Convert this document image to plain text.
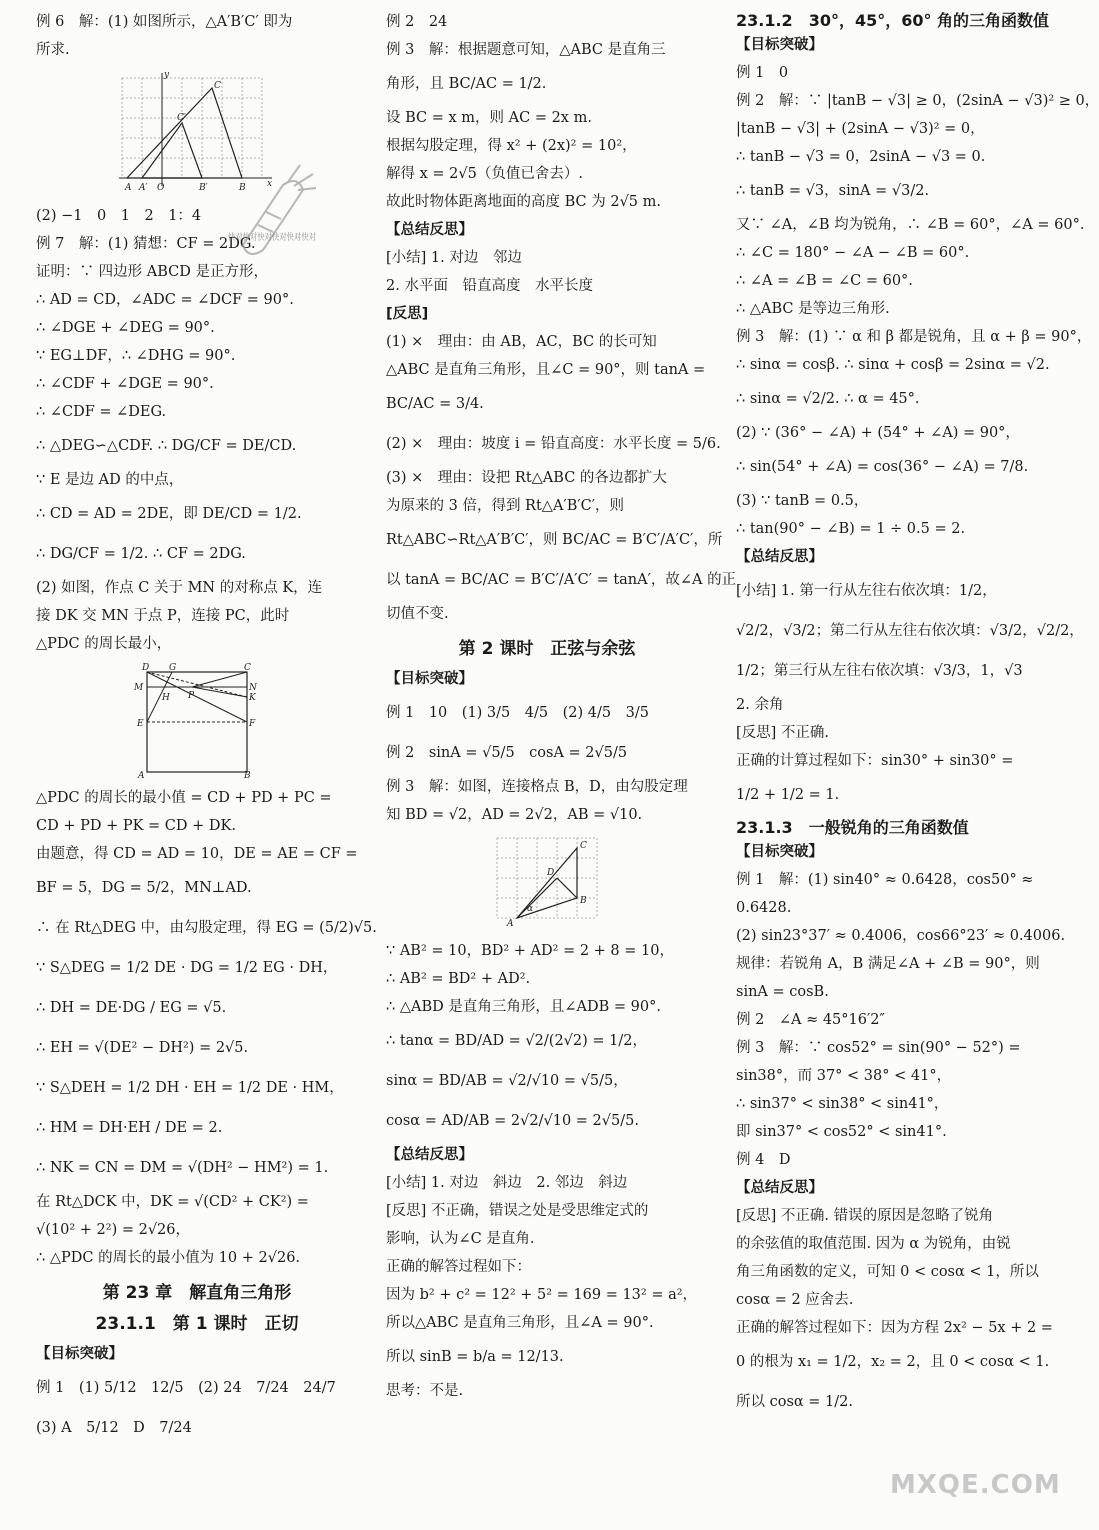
例 6　解：(1) 如图所示，△A′B′C′ 即为

所求.

y
C
C′
A A′ O	B′	B x

(2) −1　0　1　2　1：4

例 7　解：(1) 猜想：CF = 2DG.

证明：∵ 四边形 ABCD 是正方形，

∴ AD = CD，∠ADC = ∠DCF = 90°.

∴ ∠DGE + ∠DEG = 90°.

∵ EG⊥DF，∴ ∠DHG = 90°.

∴ ∠CDF + ∠DGE = 90°.

∴ ∠CDF = ∠DEG.

∴ △DEG∽△CDF. ∴ DG/CF = DE/CD.

∵ E 是边 AD 的中点，

∴ CD = AD = 2DE，即 DE/CD = 1/2.

∴ DG/CF = 1/2. ∴ CF = 2DG.

(2) 如图，作点 C 关于 MN 的对称点 K，连

接 DK 交 MN 于点 P，连接 PC，此时

△PDC 的周长最小，

D G	C
M
H P
N
K
E	F
A	B

△PDC 的周长的最小值 = CD + PD + PC =

CD + PD + PK = CD + DK.

由题意，得 CD = AD = 10，DE = AE = CF =

BF = 5，DG = 5/2，MN⊥AD.

∴ 在 Rt△DEG 中，由勾股定理，得 EG = (5/2)√5.

∵ S△DEG = 1/2 DE · DG = 1/2 EG · DH，

∴ DH = DE·DG / EG = √5.

∴ EH = √(DE² − DH²) = 2√5.

∵ S△DEH = 1/2 DH · EH = 1/2 DE · HM，

∴ HM = DH·EH / DE = 2.

∴ NK = CN = DM = √(DH² − HM²) = 1.

在 Rt△DCK 中，DK = √(CD² + CK²) =

√(10² + 2²) = 2√26，

∴ △PDC 的周长的最小值为 10 + 2√26.

第 23 章　解直角三角形

23.1.1　第 1 课时　正切

【目标突破】

例 1　(1) 5/12　12/5　(2) 24　7/24　24/7

(3) A　5/12　D　7/24

例 2　24

例 3　解：根据题意可知，△ABC 是直角三

角形，且 BC/AC = 1/2.

设 BC = x m，则 AC = 2x m.

根据勾股定理，得 x² + (2x)² = 10²，

解得 x = 2√5（负值已舍去）.

故此时物体距离地面的高度 BC 为 2√5 m.

【总结反思】

[小结] 1. 对边　邻边

2. 水平面　铅直高度　水平长度

[反思]

(1) ×　理由：由 AB，AC，BC 的长可知

△ABC 是直角三角形，且∠C = 90°，则 tanA =

BC/AC = 3/4.

(2) ×　理由：坡度 i = 铅直高度：水平长度 = 5/6.

(3) ×　理由：设把 Rt△ABC 的各边都扩大

为原来的 3 倍，得到 Rt△A′B′C′，则

Rt△ABC∽Rt△A′B′C′，则 BC/AC = B′C′/A′C′，所

以 tanA = BC/AC = B′C′/A′C′ = tanA′，故∠A 的正

切值不变.

第 2 课时　正弦与余弦

【目标突破】

例 1　10　(1) 3/5　4/5　(2) 4/5　3/5

例 2　sinA = √5/5　cosA = 2√5/5

例 3　解：如图，连接格点 B，D，由勾股定理

知 BD = √2，AD = 2√2，AB = √10.

C
D
B
A
α

∵ AB² = 10，BD² + AD² = 2 + 8 = 10，

∴ AB² = BD² + AD².

∴ △ABD 是直角三角形，且∠ADB = 90°.

∴ tanα = BD/AD = √2/(2√2) = 1/2，

sinα = BD/AB = √2/√10 = √5/5，

cosα = AD/AB = 2√2/√10 = 2√5/5.

【总结反思】

[小结] 1. 对边　斜边　2. 邻边　斜边

[反思] 不正确，错误之处是受思维定式的

影响，认为∠C 是直角.

正确的解答过程如下：

因为 b² + c² = 12² + 5² = 169 = 13² = a²，

所以△ABC 是直角三角形，且∠A = 90°.

所以 sinB = b/a = 12/13.

思考：不是.

23.1.2　30°，45°，60° 角的三角函数值

【目标突破】

例 1　0

例 2　解：∵ |tanB − √3| ≥ 0，(2sinA − √3)² ≥ 0，

|tanB − √3| + (2sinA − √3)² = 0，

∴ tanB − √3 = 0，2sinA − √3 = 0.

∴ tanB = √3，sinA = √3/2.

又∵ ∠A，∠B 均为锐角，∴ ∠B = 60°，∠A = 60°.

∴ ∠C = 180° − ∠A − ∠B = 60°.

∴ ∠A = ∠B = ∠C = 60°.

∴ △ABC 是等边三角形.

例 3　解：(1) ∵ α 和 β 都是锐角，且 α + β = 90°，

∴ sinα = cosβ. ∴ sinα + cosβ = 2sinα = √2.

∴ sinα = √2/2. ∴ α = 45°.

(2) ∵ (36° − ∠A) + (54° + ∠A) = 90°，

∴ sin(54° + ∠A) = cos(36° − ∠A) = 7/8.

(3) ∵ tanB = 0.5，

∴ tan(90° − ∠B) = 1 ÷ 0.5 = 2.

【总结反思】

[小结] 1. 第一行从左往右依次填：1/2，

√2/2，√3/2；第二行从左往右依次填：√3/2，√2/2，

1/2；第三行从左往右依次填：√3/3，1，√3

2. 余角

[反思] 不正确.

正确的计算过程如下：sin30° + sin30° =

1/2 + 1/2 = 1.

23.1.3　一般锐角的三角函数值

【目标突破】

例 1　解：(1) sin40° ≈ 0.6428，cos50° ≈

0.6428.

(2) sin23°37′ ≈ 0.4006，cos66°23′ ≈ 0.4006.

规律：若锐角 A，B 满足∠A + ∠B = 90°，则

sinA = cosB.

例 2　∠A ≈ 45°16′2″

例 3　解：∵ cos52° = sin(90° − 52°) =

sin38°，而 37° < 38° < 41°，

∴ sin37° < sin38° < sin41°，

即 sin37° < cos52° < sin41°.

例 4　D

【总结反思】

[反思] 不正确. 错误的原因是忽略了锐角

的余弦值的取值范围. 因为 α 为锐角，由锐

角三角函数的定义，可知 0 < cosα < 1，所以

cosα = 2 应舍去.

正确的解答过程如下：因为方程 2x² − 5x + 2 =

0 的根为 x₁ = 1/2，x₂ = 2，且 0 < cosα < 1.

所以 cosα = 1/2.

快对快对快对快对快对快对
MXQE.COM
